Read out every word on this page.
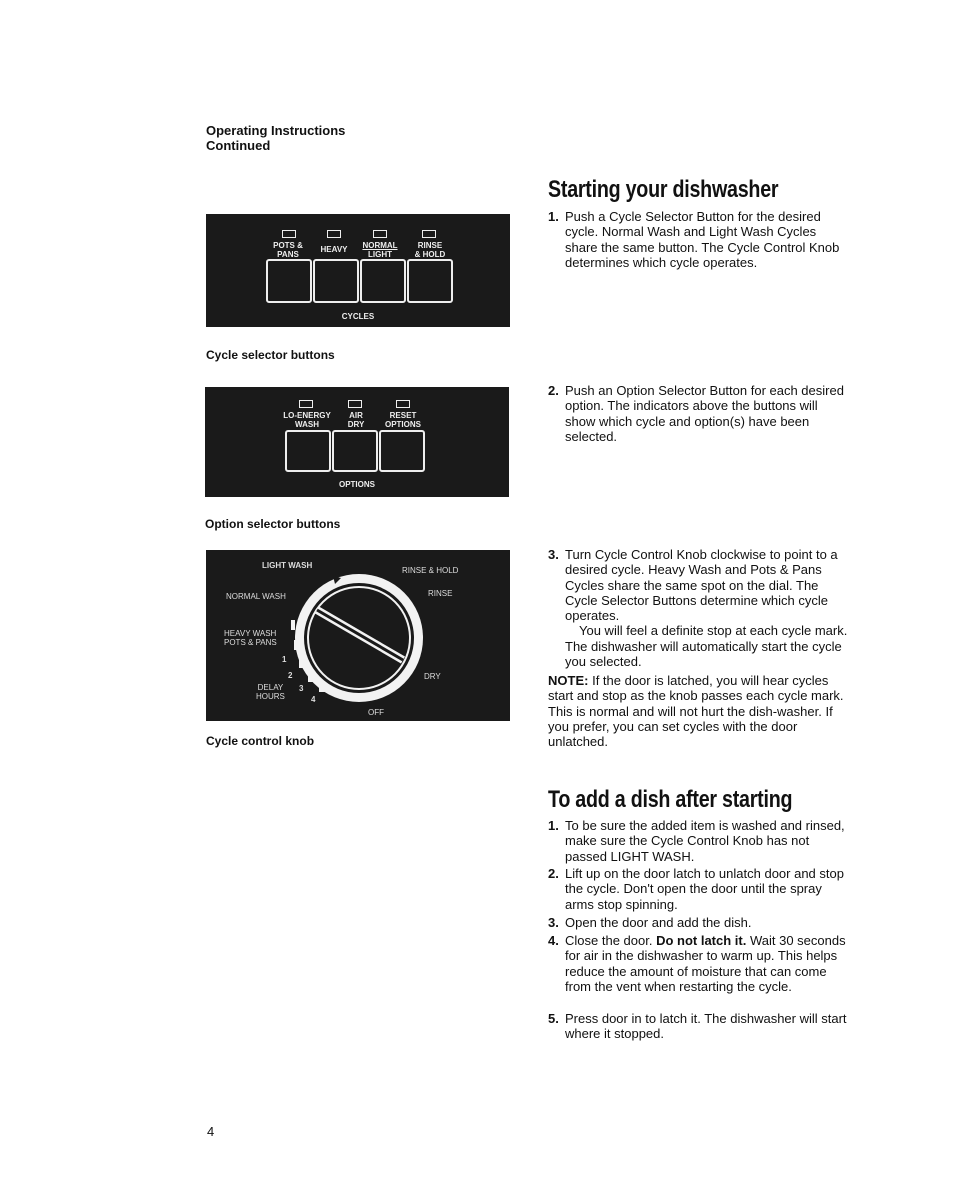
Operating Instructions
Continued
POTS &
PANS
HEAVY	NORMAL
LIGHT
RINSE
& HOLD
CYCLES
Cycle selector buttons
LO-ENERGY
WASH
AIR
DRY
RESET
OPTIONS
OPTIONS
Option selector buttons
LIGHT WASH
RINSE & HOLD
NORMAL WASH	RINSE
HEAVY WASH
POTS & PANS
DELAY
HOURS
DRY
OFF
1
2
3
4
Cycle control knob
Starting your dishwasher
1. Push a Cycle Selector Button for the desired cycle. Normal Wash and Light Wash Cycles share the same button. The Cycle Control Knob determines which cycle operates.
2. Push an Option Selector Button for each desired option. The indicators above the buttons will show which cycle and option(s) have been selected.
3. Turn Cycle Control Knob clockwise to point to a desired cycle. Heavy Wash and Pots & Pans Cycles share the same spot on the dial. The Cycle Selector Buttons determine which cycle operates.
You will feel a definite stop at each cycle mark. The dishwasher will automatically start the cycle you selected.
NOTE: If the door is latched, you will hear cycles start and stop as the knob passes each cycle mark. This is normal and will not hurt the dish-washer. If you prefer, you can set cycles with the door unlatched.
To add a dish after starting
1. To be sure the added item is washed and rinsed, make sure the Cycle Control Knob has not passed LIGHT WASH.
2. Lift up on the door latch to unlatch door and stop the cycle. Don't open the door until the spray arms stop spinning.
3. Open the door and add the dish.
4. Close the door. Do not latch it. Wait 30 seconds for air in the dishwasher to warm up. This helps reduce the amount of moisture that can come from the vent when restarting the cycle.
5. Press door in to latch it. The dishwasher will start where it stopped.
4
